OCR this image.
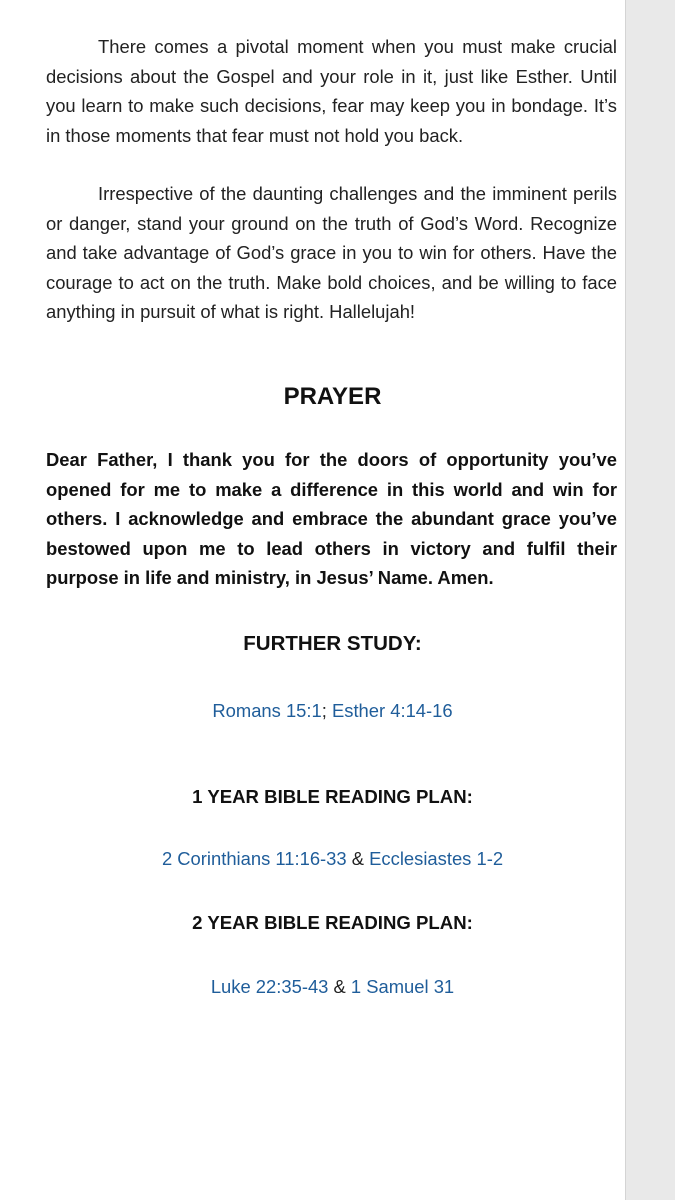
There comes a pivotal moment when you must make crucial decisions about the Gospel and your role in it, just like Esther. Until you learn to make such decisions, fear may keep you in bondage. It’s in those moments that fear must not hold you back.

Irrespective of the daunting challenges and the imminent perils or danger, stand your ground on the truth of God’s Word. Recognize and take advantage of God’s grace in you to win for others. Have the courage to act on the truth. Make bold choices, and be willing to face anything in pursuit of what is right. Hallelujah!

PRAYER

Dear Father, I thank you for the doors of opportunity you’ve opened for me to make a difference in this world and win for others. I acknowledge and embrace the abundant grace you’ve bestowed upon me to lead others in victory and fulfil their purpose in life and ministry, in Jesus’ Name. Amen.

FURTHER STUDY:

Romans 15:1; Esther 4:14-16

1 YEAR BIBLE READING PLAN:

2 Corinthians 11:16-33 & Ecclesiastes 1-2

2 YEAR BIBLE READING PLAN:

Luke 22:35-43 & 1 Samuel 31
